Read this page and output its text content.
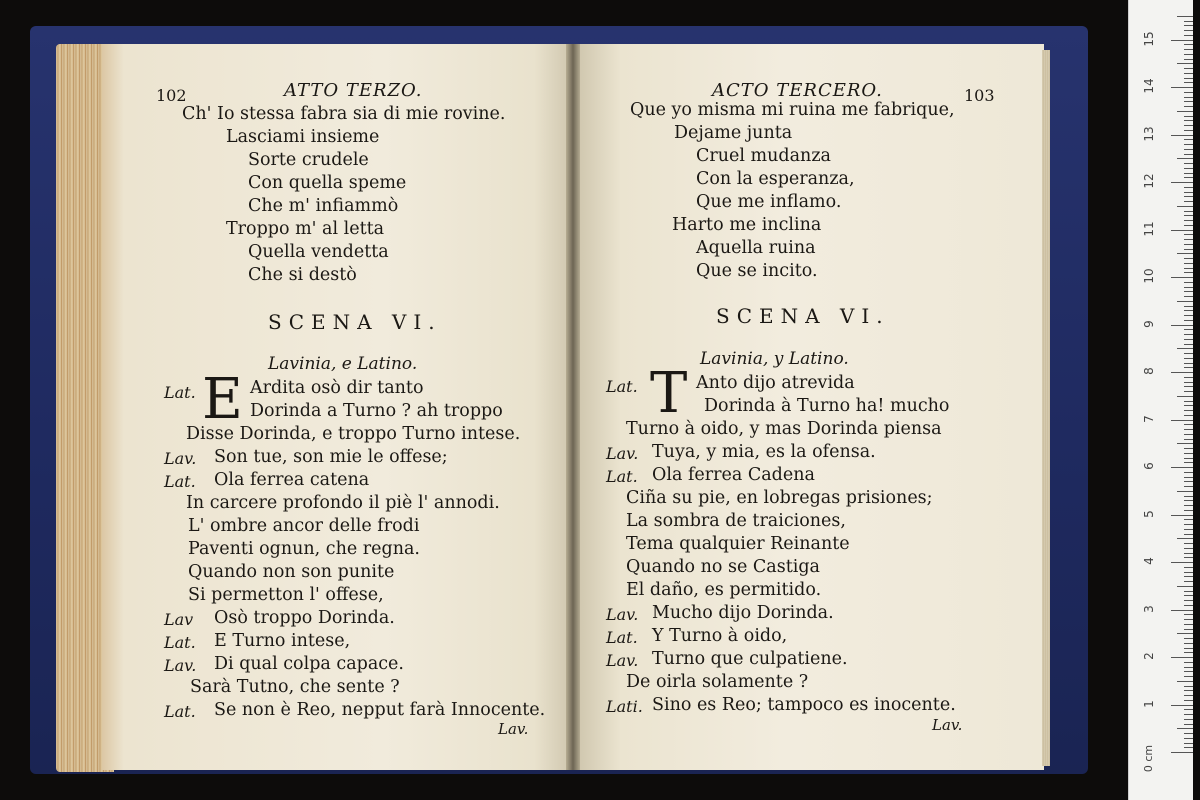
102	ATTO TERZO.
Ch' Io stessa fabra sia di mie rovine.
Lasciami insieme
Sorte crudele
Con quella speme
Che m' infiammò
Troppo m' al letta
Quella vendetta
Che si destò
SCENA VI.
Lavinia, e Latino.
Lat. E Ardita osò dir tanto
Dorinda a Turno ? ah troppo
Disse Dorinda, e troppo Turno intese.
Lav. Son tue, son mie le offese;
Lat. Ola ferrea catena
In carcere profondo il piè l' annodi.
L' ombre ancor delle frodi
Paventi ognun, che regna.
Quando non son punite
Si permetton l' offese,
Lav Osò troppo Dorinda.
Lat. E Turno intese,
Lav. Di qual colpa capace.
Sarà Tutno, che sente ?
Lat. Se non è Reo, nepput farà Innocente.
Lav.
ACTO TERCERO.	103
Que yo misma mi ruina me fabrique,
Dejame junta
Cruel mudanza
Con la esperanza,
Que me inflamo.
Harto me inclina
Aquella ruina
Que se incito.
SCENA VI.
Lavinia, y Latino.
Lat. T Anto dijo atrevida
Dorinda à Turno ha! mucho
Turno à oido, y mas Dorinda piensa
Lav. Tuya, y mia, es la ofensa.
Lat. Ola ferrea Cadena
Ciña su pie, en lobregas prisiones;
La sombra de traiciones,
Tema qualquier Reinante
Quando no se Castiga
El daño, es permitido.
Lav. Mucho dijo Dorinda.
Lat. Y Turno à oido,
Lav. Turno que culpatiene.
De oirla solamente ?
Lati. Sino es Reo; tampoco es inocente.
Lav.
0 cm
15
14
13
12
11
10
9
8
7
6
5
4
3
2
1
